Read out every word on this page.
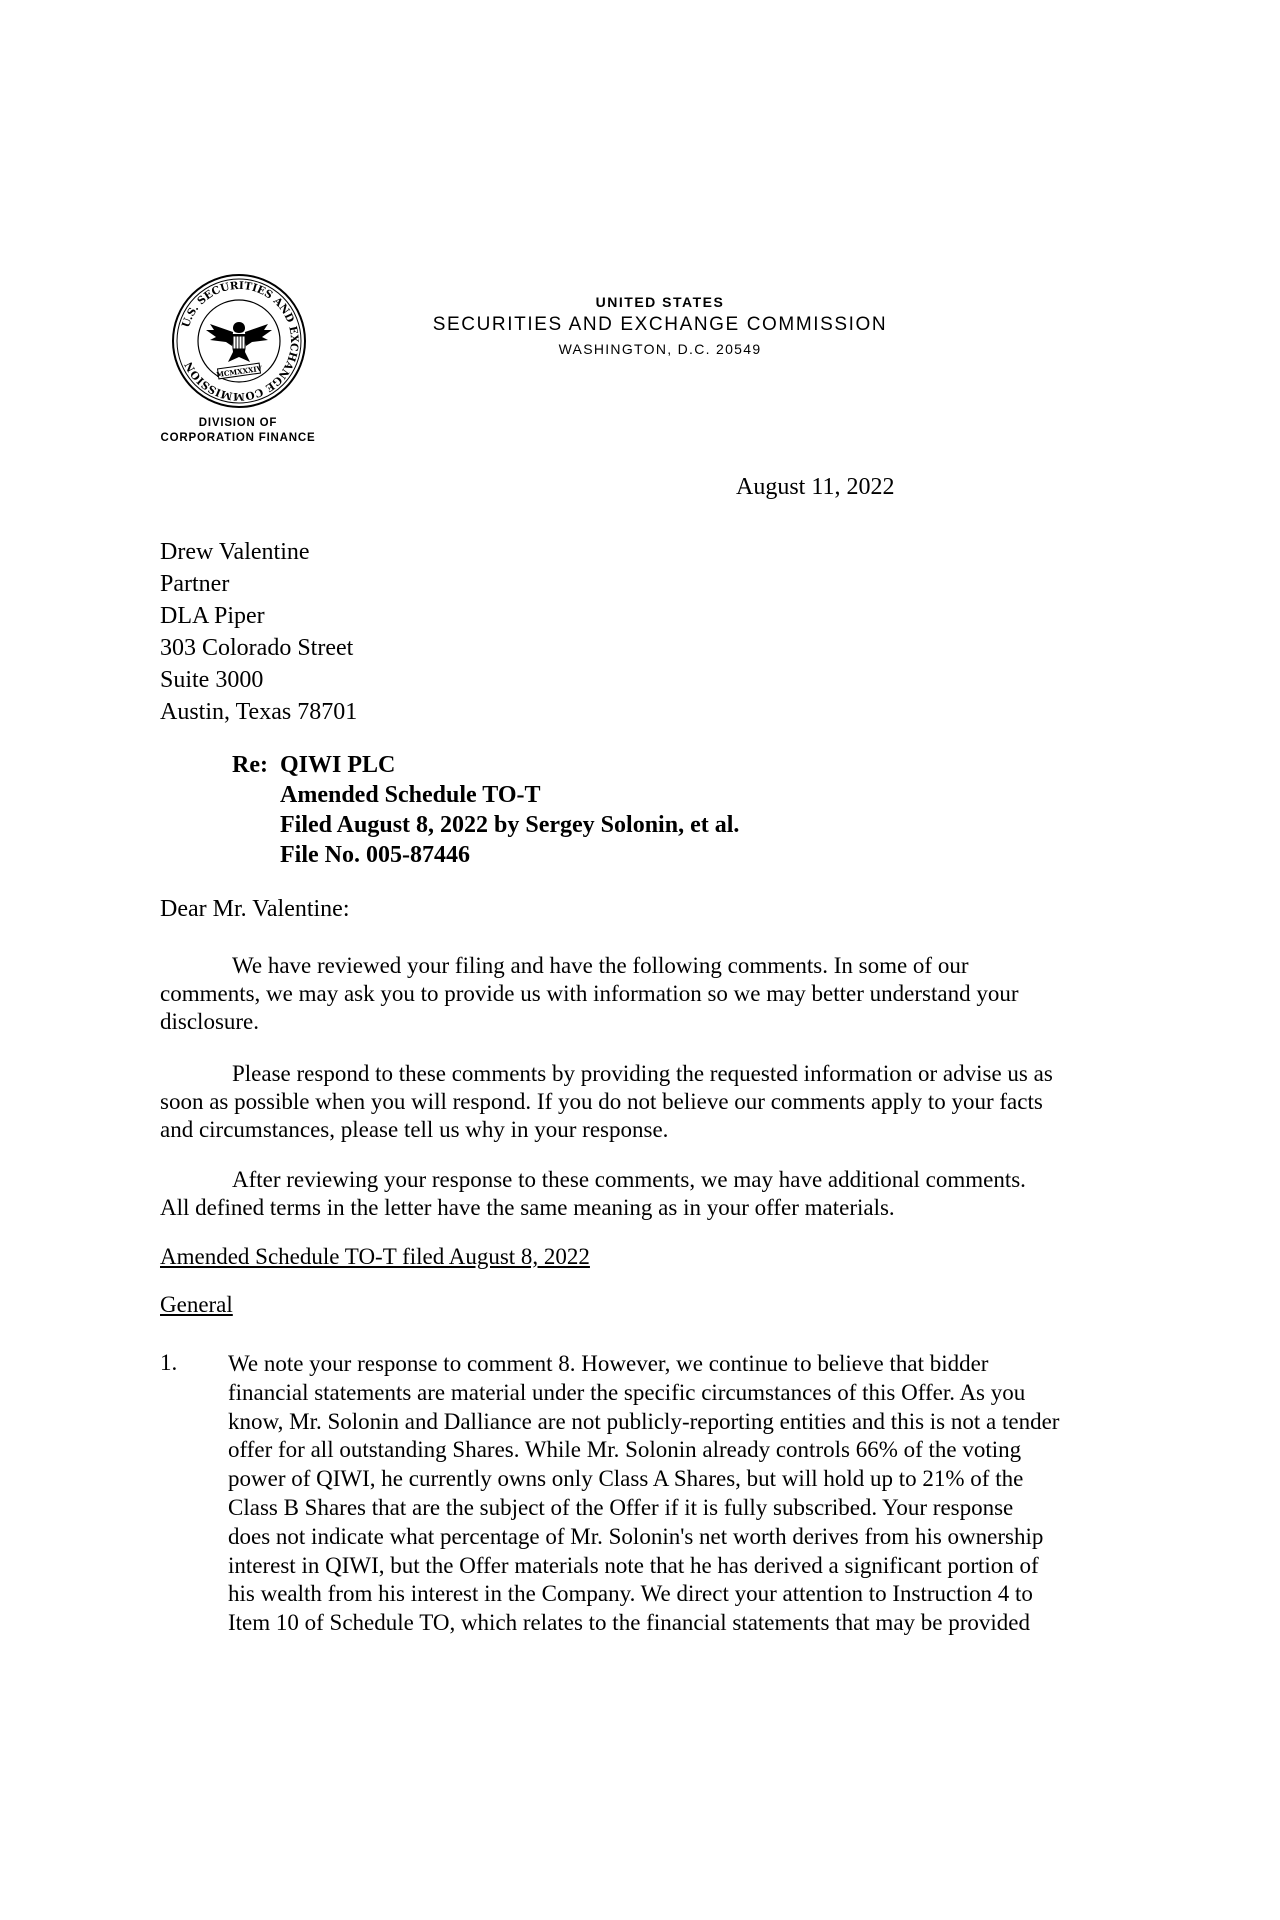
U.S. SECURITIES AND EXCHANGE COMMISSION	MCMXXXIV
UNITED STATES
SECURITIES AND EXCHANGE COMMISSION
WASHINGTON, D.C. 20549
DIVISION OF
CORPORATION FINANCE
August 11, 2022
Drew Valentine
Partner
DLA Piper
303 Colorado Street
Suite 3000
Austin, Texas 78701
Re: QIWI PLC
Amended Schedule TO-T
Filed August 8, 2022 by Sergey Solonin, et al.
File No. 005-87446
Dear Mr. Valentine:
We have reviewed your filing and have the following comments. In some of our
comments, we may ask you to provide us with information so we may better understand your
disclosure.
Please respond to these comments by providing the requested information or advise us as
soon as possible when you will respond. If you do not believe our comments apply to your facts
and circumstances, please tell us why in your response.
After reviewing your response to these comments, we may have additional comments.
All defined terms in the letter have the same meaning as in your offer materials.
Amended Schedule TO-T filed August 8, 2022
General
1. We note your response to comment 8. However, we continue to believe that bidder
financial statements are material under the specific circumstances of this Offer. As you
know, Mr. Solonin and Dalliance are not publicly-reporting entities and this is not a tender
offer for all outstanding Shares. While Mr. Solonin already controls 66% of the voting
power of QIWI, he currently owns only Class A Shares, but will hold up to 21% of the
Class B Shares that are the subject of the Offer if it is fully subscribed. Your response
does not indicate what percentage of Mr. Solonin's net worth derives from his ownership
interest in QIWI, but the Offer materials note that he has derived a significant portion of
his wealth from his interest in the Company. We direct your attention to Instruction 4 to
Item 10 of Schedule TO, which relates to the financial statements that may be provided
